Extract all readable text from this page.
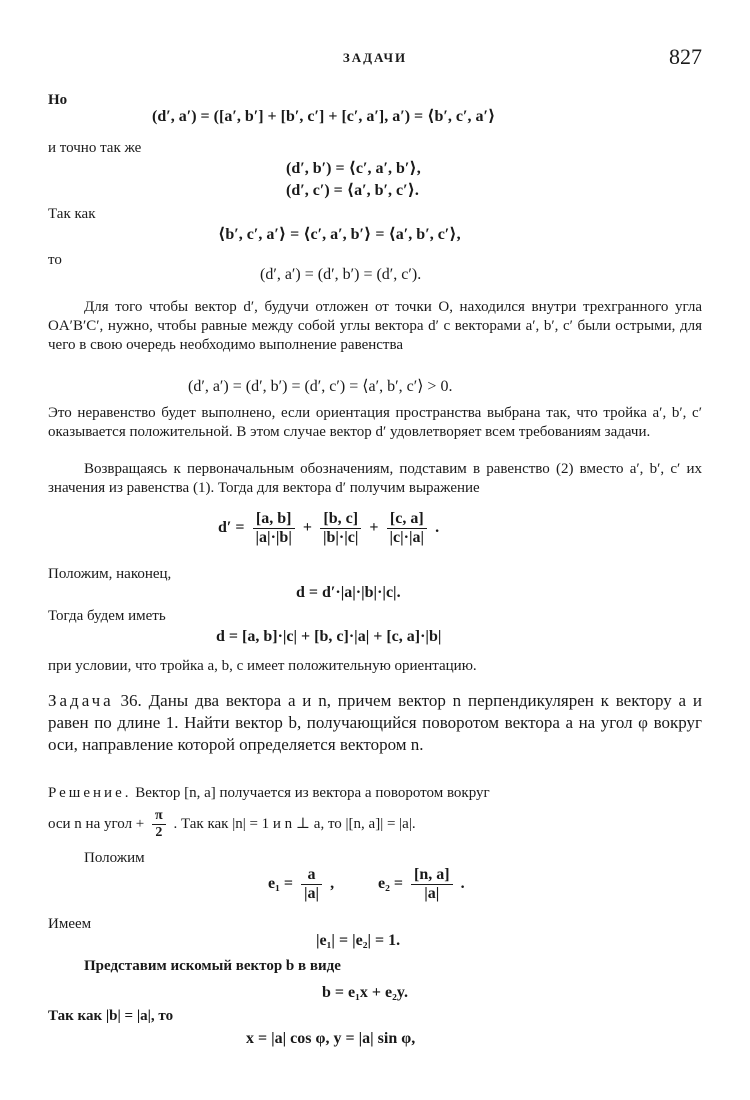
ЗАДАЧИ	827
Но
(d′, a′) = ([a′, b′] + [b′, c′] + [c′, a′], a′) = ⟨b′, c′, a′⟩
и точно так же
(d′, b′) = ⟨c′, a′, b′⟩,
(d′, c′) = ⟨a′, b′, c′⟩.
Так как
⟨b′, c′, a′⟩ = ⟨c′, a′, b′⟩ = ⟨a′, b′, c′⟩,
то
(d′, a′) = (d′, b′) = (d′, c′).
Для того чтобы вектор d′, будучи отложен от точки O, находился внутри трехгранного угла OA′B′C′, нужно, чтобы равные между собой углы вектора d′ с векторами a′, b′, c′ были острыми, для чего в свою очередь необходимо выполнение равенства
(d′, a′) = (d′, b′) = (d′, c′) = ⟨a′, b′, c′⟩ > 0.
Это неравенство будет выполнено, если ориентация пространства выбрана так, что тройка a′, b′, c′ оказывается положительной. В этом случае вектор d′ удовлетворяет всем требованиям задачи.
Возвращаясь к первоначальным обозначениям, подставим в равенство (2) вместо a′, b′, c′ их значения из равенства (1). Тогда для вектора d′ получим выражение
$d' = \frac{[a, b]}{|a|\cdot|b|} + \frac{[b, c]}{|b|\cdot|c|} + \frac{[c, a]}{|c|\cdot|a|}$ .
Положим, наконец,
d = d′·|a|·|b|·|c|.
Тогда будем иметь
d = [a, b]·|c| + [b, c]·|a| + [c, a]·|b|
при условии, что тройка a, b, c имеет положительную ориентацию.
Задача 36. Даны два вектора a и n, причем вектор n перпендикулярен к вектору a и равен по длине 1. Найти вектор b, получающийся поворотом вектора a на угол φ вокруг оси, направление которой определяется вектором n.
Решение. Вектор [n, a] получается из вектора a поворотом вокруг
оси n на угол + $\frac{\pi}{2}$ . Так как |n| = 1 и n ⊥ a, то |[n, a]| = |a|.
Положим
$e_1 = \frac{a}{|a|}$ ,	$e_2 = \frac{[n, a]}{|a|}$ .
Имеем
|e₁| = |e₂| = 1.
Представим искомый вектор b в виде
b = e₁x + e₂y.
Так как |b| = |a|, то
x = |a| cos φ, y = |a| sin φ,
